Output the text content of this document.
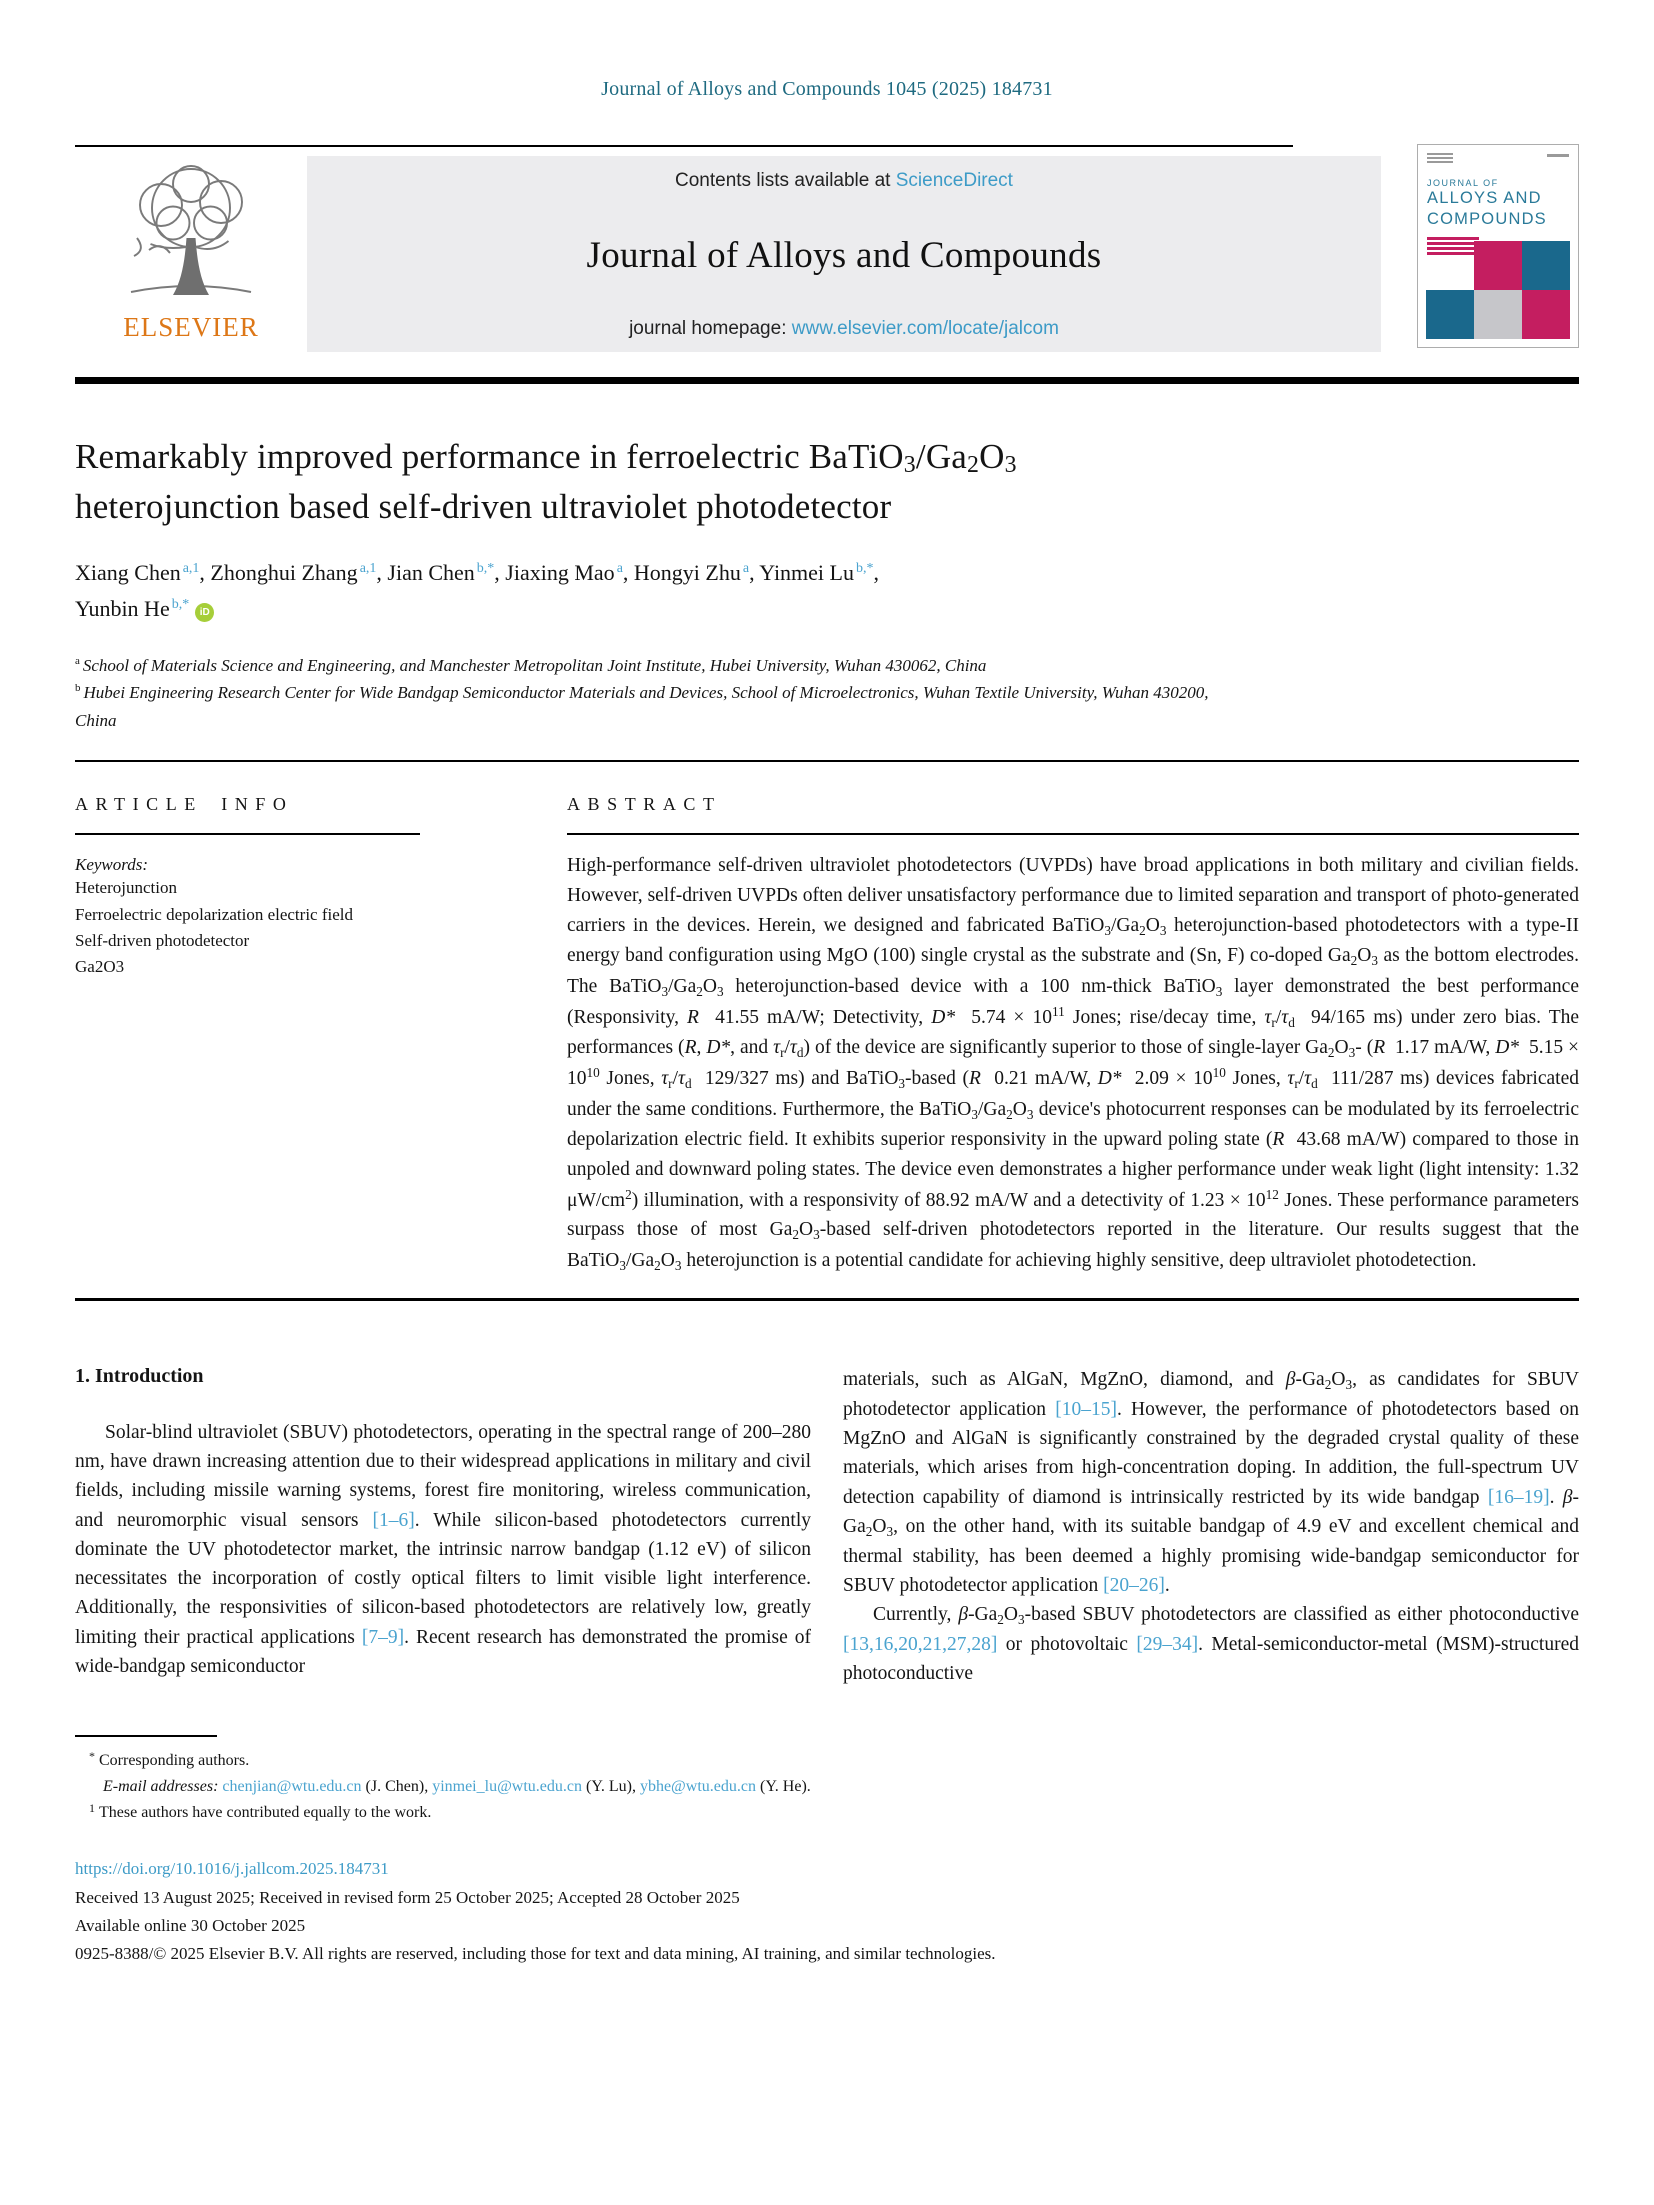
Journal of Alloys and Compounds 1045 (2025) 184731
ELSEVIER
Contents lists available at ScienceDirect
Journal of Alloys and Compounds
journal homepage: www.elsevier.com/locate/jalcom
JOURNAL OF
ALLOYS AND
COMPOUNDS
Remarkably improved performance in ferroelectric BaTiO3/Ga2O3
heterojunction based self-driven ultraviolet photodetector
Xiang Chen $^{a,1}$, Zhonghui Zhang $^{a,1}$, Jian Chen $^{b,*}$, Jiaxing Mao $^a$, Hongyi Zhu $^a$, Yinmei Lu $^{b,*}$,
Yunbin He $^{b,*}$iD
$^a$ School of Materials Science and Engineering, and Manchester Metropolitan Joint Institute, Hubei University, Wuhan 430062, China
$^b$ Hubei Engineering Research Center for Wide Bandgap Semiconductor Materials and Devices, School of Microelectronics, Wuhan Textile University, Wuhan 430200,
China
ARTICLE INFO
Keywords:
Heterojunction
Ferroelectric depolarization electric field
Self-driven photodetector
Ga2O3
ABSTRACT

High-performance self-driven ultraviolet photodetectors (UVPDs) have broad applications in both military and civilian fields. However, self-driven UVPDs often deliver unsatisfactory performance due to limited separation and transport of photo-generated carriers in the devices. Herein, we designed and fabricated $BaTiO_3/Ga_2O_3$ heterojunction-based photodetectors with a type-II energy band configuration using MgO (100) single crystal as the substrate and (Sn, F) co-doped $Ga_2O_3$ as the bottom electrodes. The $BaTiO_3/Ga_2O_3$ heterojunction-based device with a 100 nm-thick BaTiO$_3$ layer demonstrated the best performance (Responsivity, R  41.55 mA/W; Detectivity, D*  $5.74 \times 10^{11}$ Jones; rise/decay time, $\tau_r/\tau_d$  94/165 ms) under zero bias. The performances (R, D*, and $\tau_r/\tau_d$) of the device are significantly superior to those of single-layer $Ga_2O_3-$ (R  1.17 mA/W, D*  $5.15 \times 10^{10}$ Jones, $\tau_r/\tau_d$  129/327 ms) and BaTiO$_3$-based (R  0.21 mA/W, D*  $2.09 \times 10^{10}$ Jones, $\tau_r/\tau_d$  111/287 ms) devices fabricated under the same conditions. Furthermore, the $BaTiO_3/Ga_2O_3$ device's photocurrent responses can be modulated by its ferroelectric depolarization electric field. It exhibits superior responsivity in the upward poling state (R  43.68 mA/W) compared to those in unpoled and downward poling states. The device even demonstrates a higher performance under weak light (light intensity: 1.32 $\mu W/cm^2$) illumination, with a responsivity of 88.92 mA/W and a detectivity of $1.23 \times 10^{12}$ Jones. These performance parameters surpass those of most $Ga_2O_3$-based self-driven photodetectors reported in the literature. Our results suggest that the $BaTiO_3/Ga_2O_3$ heterojunction is a potential candidate for achieving highly sensitive, deep ultraviolet photodetection.

1. Introduction

Solar-blind ultraviolet (SBUV) photodetectors, operating in the spectral range of 200–280 nm, have drawn increasing attention due to their widespread applications in military and civil fields, including missile warning systems, forest fire monitoring, wireless communication, and neuromorphic visual sensors [1–6]. While silicon-based photodetectors currently dominate the UV photodetector market, the intrinsic narrow bandgap (1.12 eV) of silicon necessitates the incorporation of costly optical filters to limit visible light interference. Additionally, the responsivities of silicon-based photodetectors are relatively low, greatly limiting their practical applications [7–9]. Recent research has demonstrated the promise of wide-bandgap semiconductor

materials, such as AlGaN, MgZnO, diamond, and $\beta-Ga_2O_3$, as candidates for SBUV photodetector application [10–15]. However, the performance of photodetectors based on MgZnO and AlGaN is significantly constrained by the degraded crystal quality of these materials, which arises from high-concentration doping. In addition, the full-spectrum UV detection capability of diamond is intrinsically restricted by its wide bandgap [16–19]. $\beta-Ga_2O_3$, on the other hand, with its suitable bandgap of 4.9 eV and excellent chemical and thermal stability, has been deemed a highly promising wide-bandgap semiconductor for SBUV photodetector application [20–26].

Currently, $\beta-Ga_2O_3$-based SBUV photodetectors are classified as either photoconductive [13,16,20,21,27,28] or photovoltaic [29–34]. Metal-semiconductor-metal (MSM)-structured photoconductive

* Corresponding authors.
E-mail addresses: chenjian@wtu.edu.cn (J. Chen), yinmei_lu@wtu.edu.cn (Y. Lu), ybhe@wtu.edu.cn (Y. He).
$^1$ These authors have contributed equally to the work.
https://doi.org/10.1016/j.jallcom.2025.184731
Received 13 August 2025; Received in revised form 25 October 2025; Accepted 28 October 2025
Available online 30 October 2025
0925-8388/© 2025 Elsevier B.V. All rights are reserved, including those for text and data mining, AI training, and similar technologies.
